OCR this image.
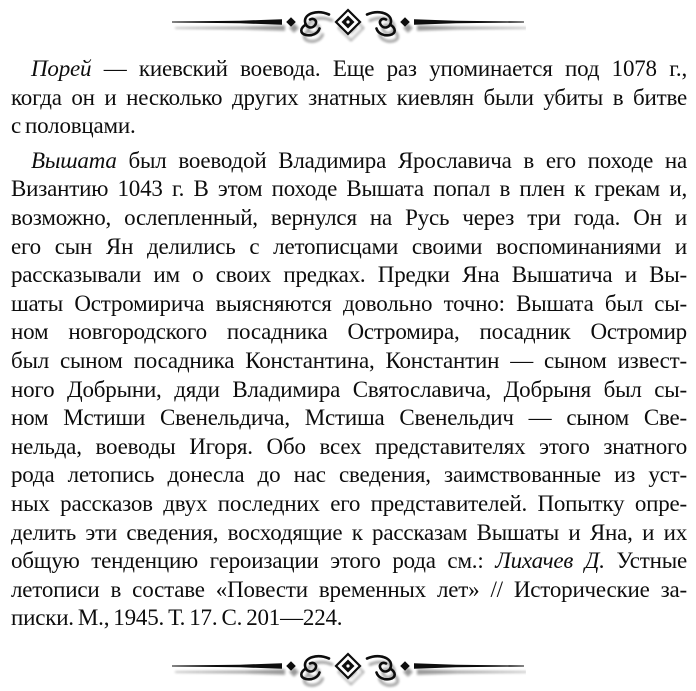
Порей — киевский воевода. Еще раз упоминается под 1078 г.,
когда он и несколько других знатных киевлян были убиты в битве
с половцами.

Вышата был воеводой Владимира Ярославича в его походе на
Византию 1043 г. В этом походе Вышата попал в плен к грекам и,
возможно, ослепленный, вернулся на Русь через три года. Он и
его сын Ян делились с летописцами своими воспоминаниями и
рассказывали им о своих предках. Предки Яна Вышатича и Вы-
шаты Остромирича выясняются довольно точно: Вышата был сы-
ном новгородского посадника Остромира, посадник Остромир
был сыном посадника Константина, Константин — сыном извест-
ного Добрыни, дяди Владимира Святославича, Добрыня был сы-
ном Мстиши Свенельдича, Мстиша Свенельдич — сыном Све-
нельда, воеводы Игоря. Обо всех представителях этого знатного
рода летопись донесла до нас сведения, заимствованные из уст-
ных рассказов двух последних его представителей. Попытку опре-
делить эти сведения, восходящие к рассказам Вышаты и Яна, и их
общую тенденцию героизации этого рода см.: Лихачев Д. Устные
летописи в составе «Повести временных лет» // Исторические за-
писки. М., 1945. Т. 17. С. 201—224.
